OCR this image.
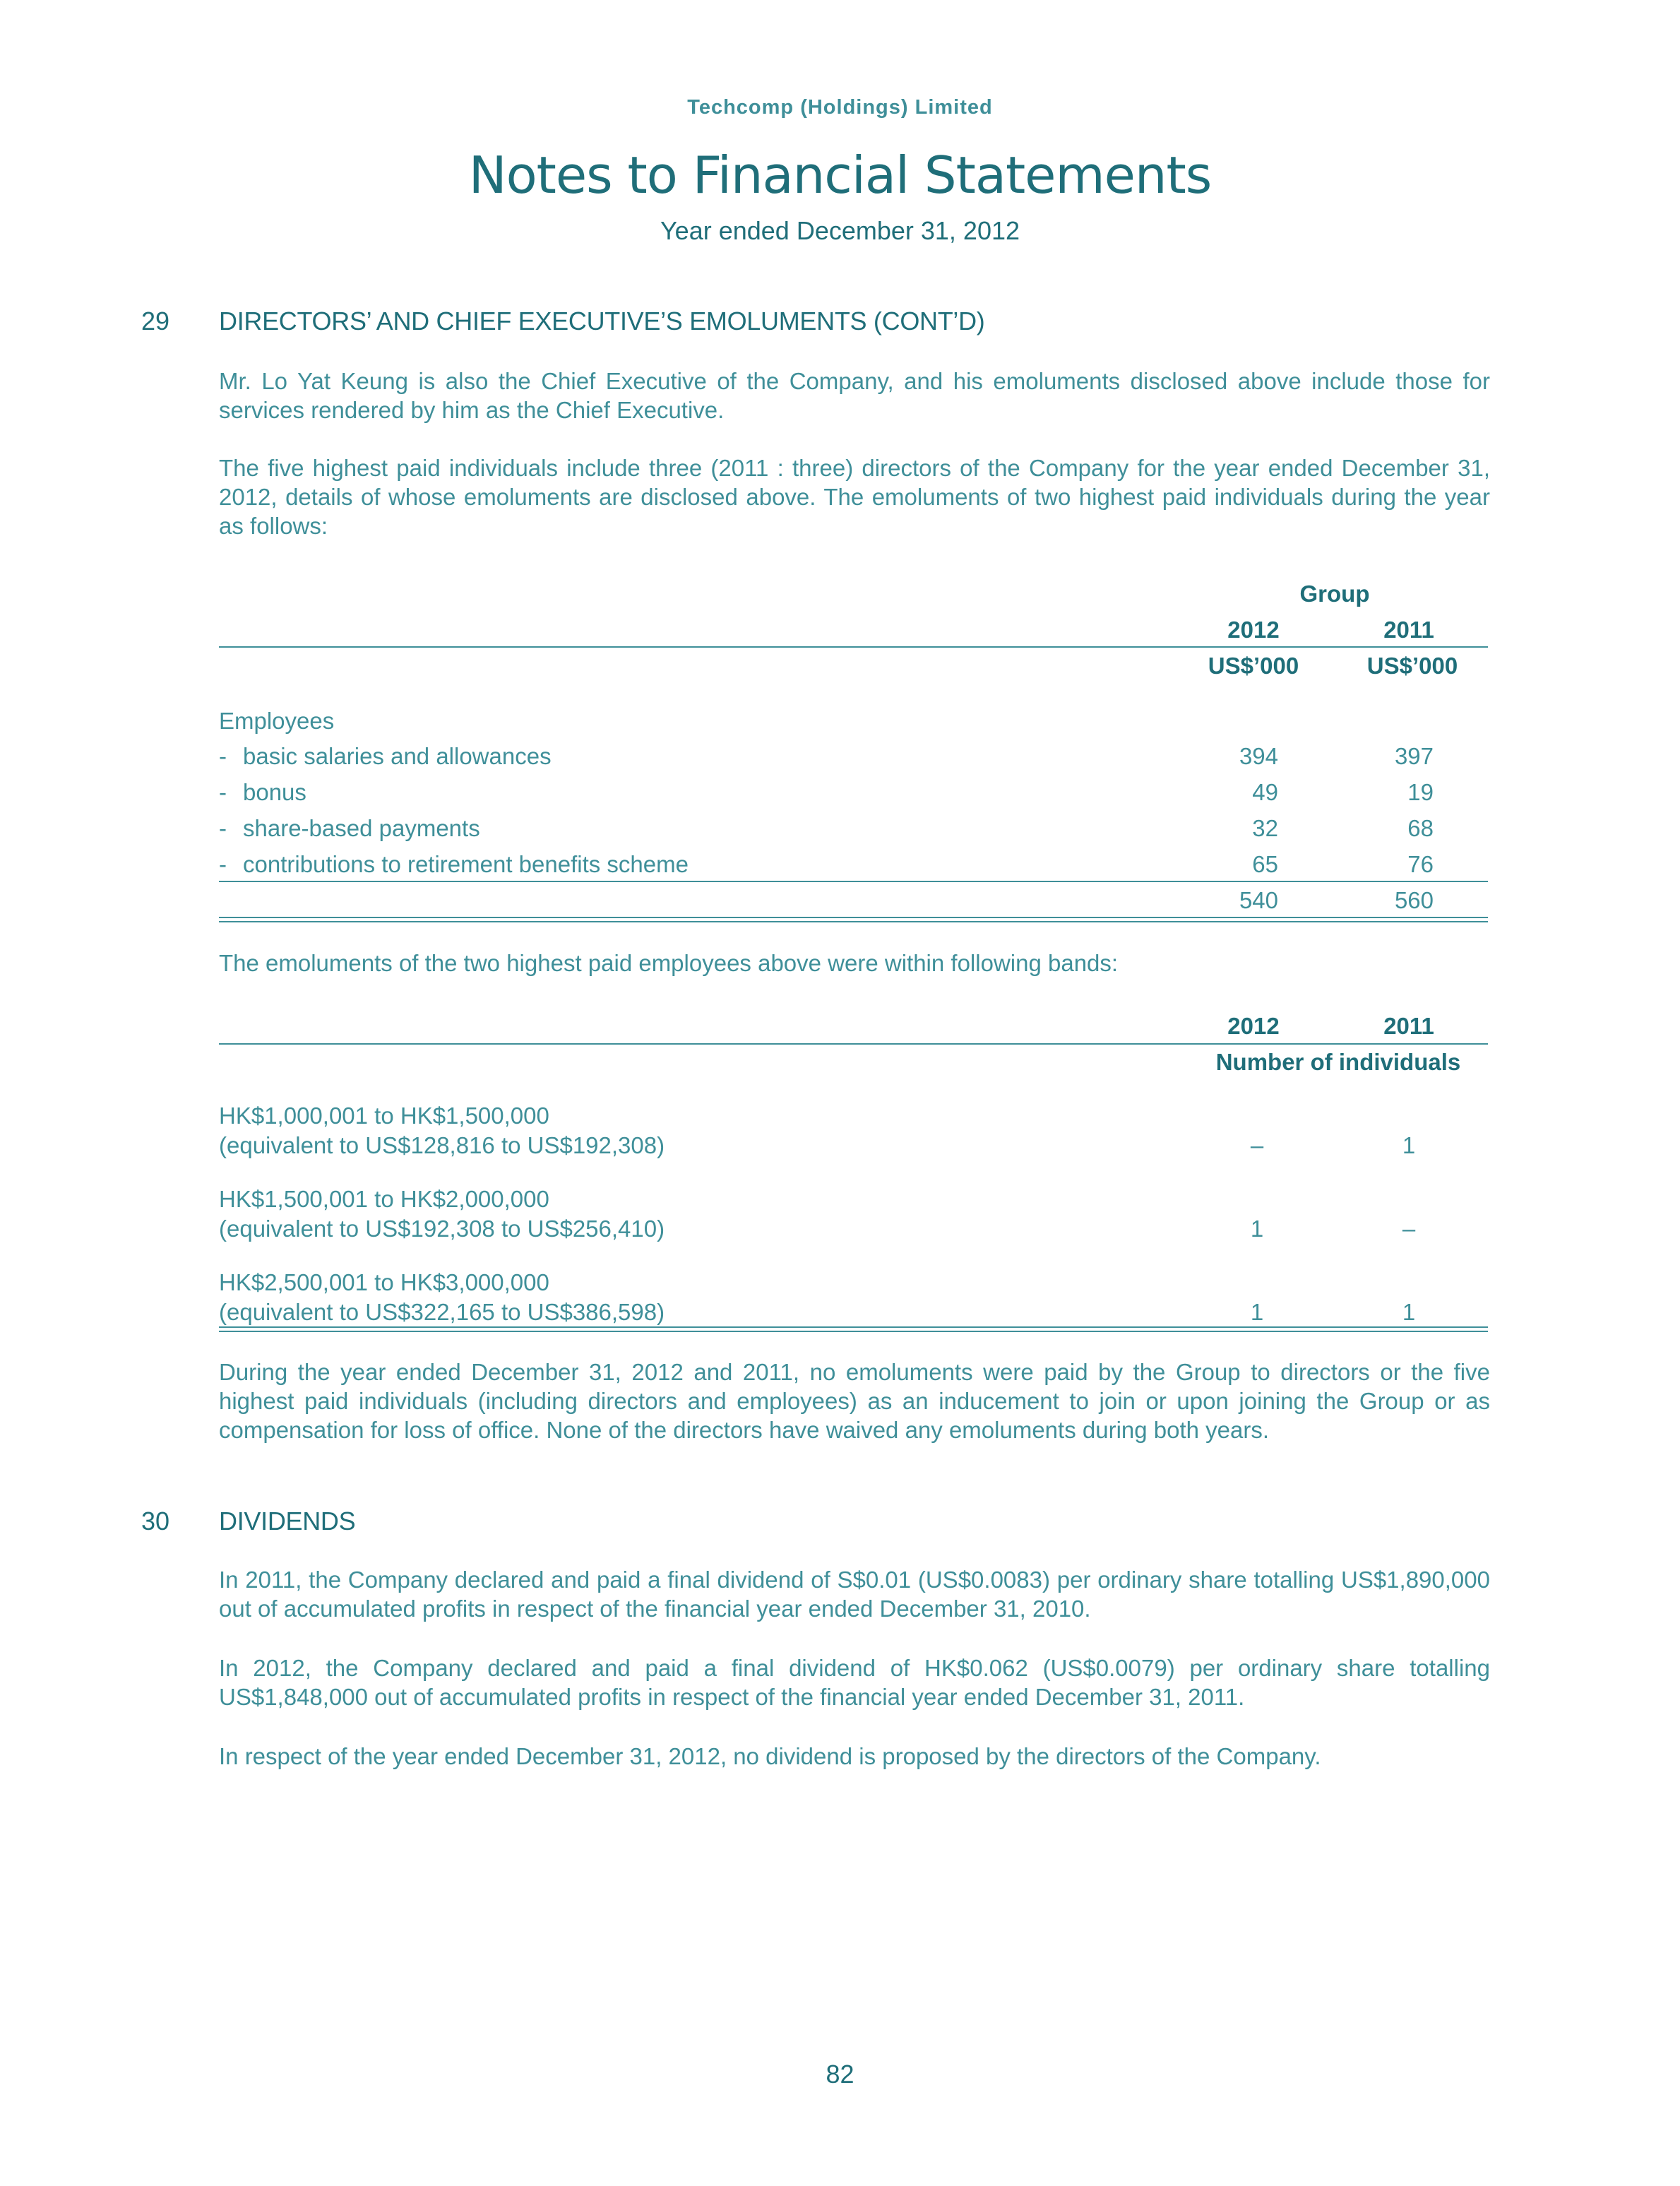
Techcomp (Holdings) Limited
Notes to Financial Statements
Year ended December 31, 2012
29 DIRECTORS’ AND CHIEF EXECUTIVE’S EMOLUMENTS (CONT’D)
Mr. Lo Yat Keung is also the Chief Executive of the Company, and his emoluments disclosed above include those for services rendered by him as the Chief Executive.
The five highest paid individuals include three (2011 : three) directors of the Company for the year ended December 31, 2012, details of whose emoluments are disclosed above. The emoluments of two highest paid individuals during the year as follows:
Group
2012	2011
US$’000	US$’000
Employees
- basic salaries and allowances	394	397
- bonus	49	19
- share-based payments	32	68
- contributions to retirement benefits scheme	65	76
540	560
The emoluments of the two highest paid employees above were within following bands:
2012	2011
Number of individuals
HK$1,000,001 to HK$1,500,000
(equivalent to US$128,816 to US$192,308)	–	1
HK$1,500,001 to HK$2,000,000
(equivalent to US$192,308 to US$256,410)	1	–
HK$2,500,001 to HK$3,000,000
(equivalent to US$322,165 to US$386,598)	1	1
During the year ended December 31, 2012 and 2011, no emoluments were paid by the Group to directors or the five highest paid individuals (including directors and employees) as an inducement to join or upon joining the Group or as compensation for loss of office. None of the directors have waived any emoluments during both years.
30 DIVIDENDS
In 2011, the Company declared and paid a final dividend of S$0.01 (US$0.0083) per ordinary share totalling US$1,890,000 out of accumulated profits in respect of the financial year ended December 31, 2010.
In 2012, the Company declared and paid a final dividend of HK$0.062 (US$0.0079) per ordinary share totalling US$1,848,000 out of accumulated profits in respect of the financial year ended December 31, 2011.
In respect of the year ended December 31, 2012, no dividend is proposed by the directors of the Company.
82
